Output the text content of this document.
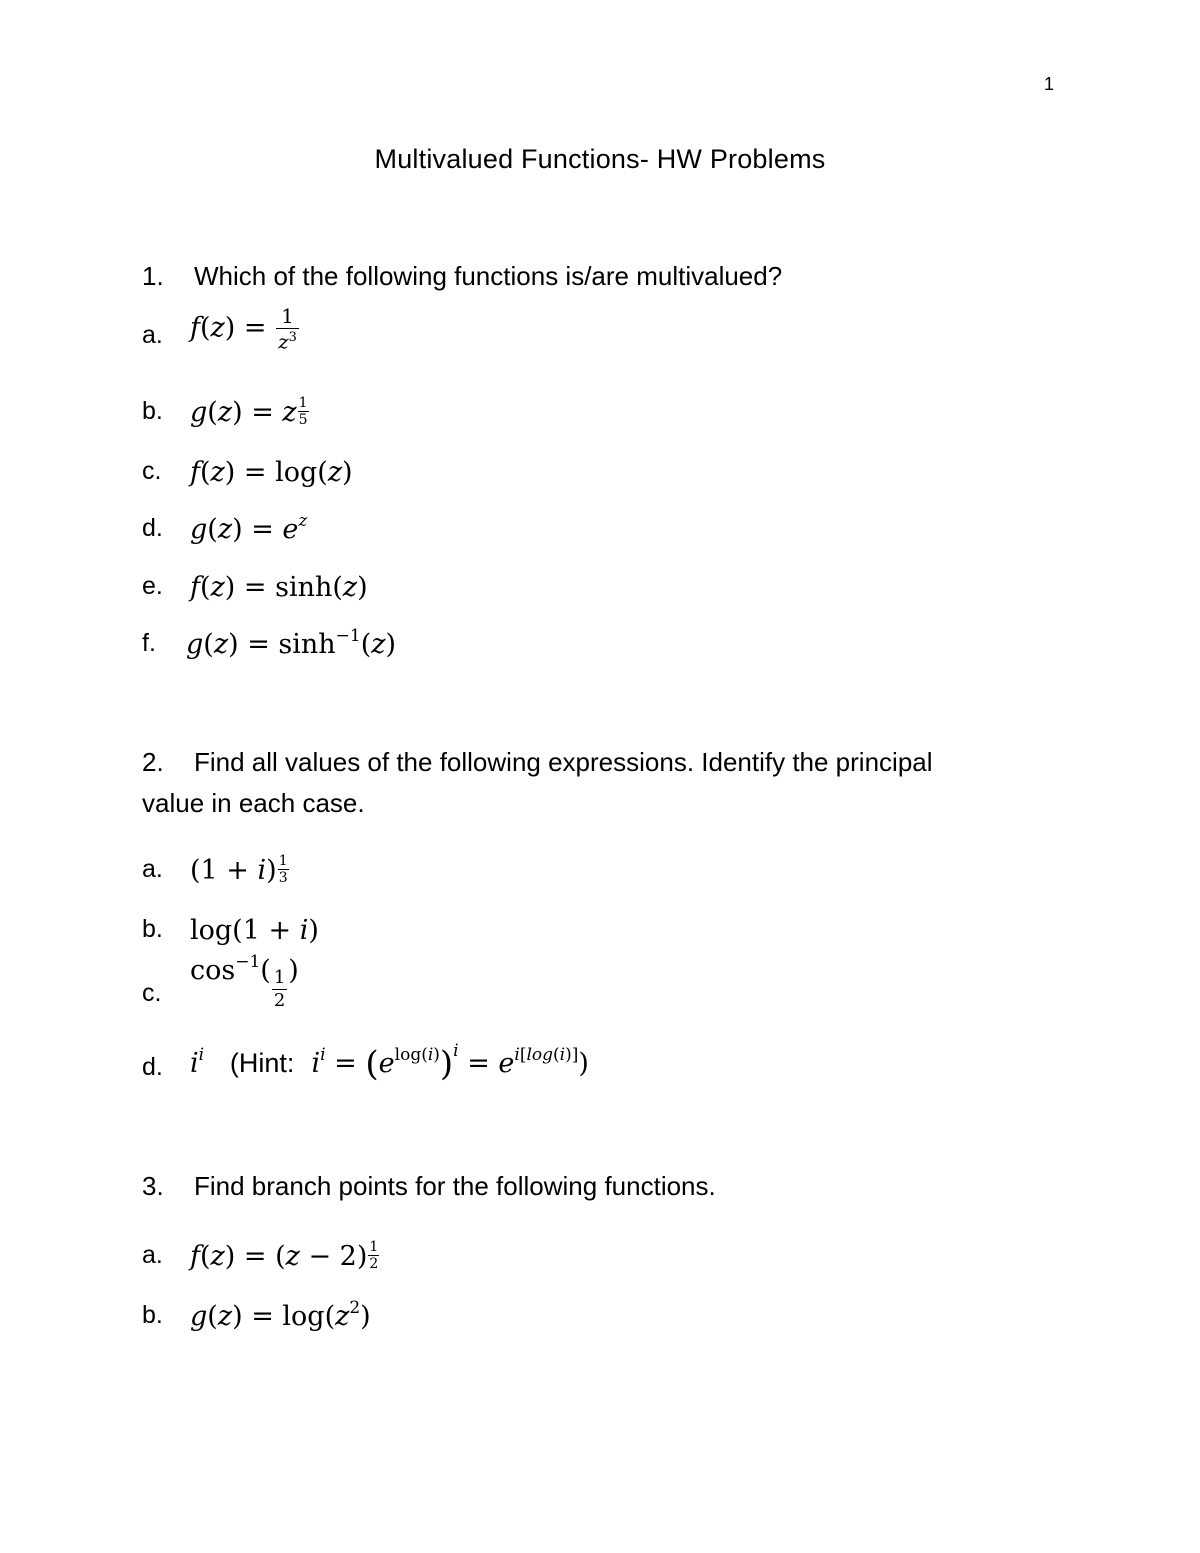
1
Multivalued Functions- HW Problems
1. Which of the following functions is/are multivalued?
a. $f(z) = \frac{1}{z^3}$
b. g(z) = z $\frac{1}{5}$
c. f(z) = log(z)
d. $g(z) = e^z$
e. f(z) = sinh(z)
f. $g(z) = \sinh^{-1}(z)$
2. Find all values of the following expressions. Identify the principal
value in each case.
a. $(1 + i) \frac{1}{3}$
b. log(1 + i)
c.
$\cos^{-1}( \frac{1}{2}$ )
d. $i^i$ (Hint: $i^i = (e^{log(i)})^i = e^{i[log(i)]}$)
3. Find branch points for the following functions.
a. $f(z) = (z - 2) \frac{1}{2}$
b. $g(z) = \log(z^2)$
